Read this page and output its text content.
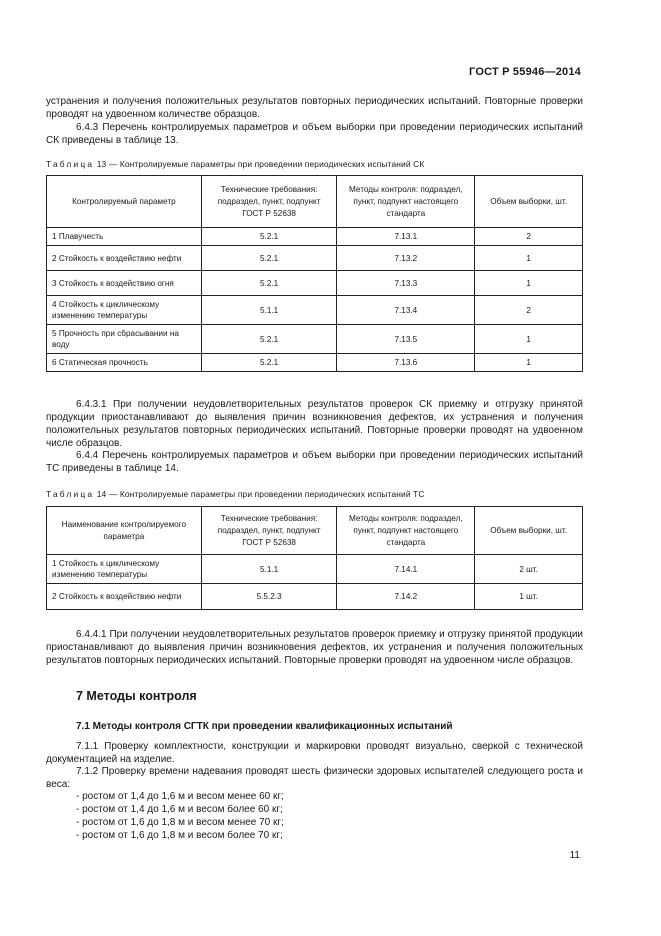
ГОСТ Р 55946—2014
устранения и получения положительных результатов повторных периодических испытаний. Повторные проверки проводят на удвоенном количестве образцов.
6.4.3 Перечень контролируемых параметров и объем выборки при проведении периодических испытаний СК приведены в таблице 13.
Таблица 13 — Контролируемые параметры при проведении периодических испытаний СК
Контролируемый параметр	Технические требования: подраздел, пункт, подпункт ГОСТ Р 52638	Методы контроля: подраздел, пункт, подпункт настоящего стандарта	Объем выборки, шт.
1 Плавучесть	5.2.1	7.13.1	2
2 Стойкость к воздействию нефти	5.2.1	7.13.2	1
3 Стойкость к воздействию огня	5.2.1	7.13.3	1
4 Стойкость к циклическому изменению температуры	5.1.1	7.13.4	2
5 Прочность при сбрасывании на воду	5.2.1	7.13.5	1
6 Статическая прочность	5.2.1	7.13.6	1
6.4.3.1 При получении неудовлетворительных результатов проверок СК приемку и отгрузку принятой продукции приостанавливают до выявления причин возникновения дефектов, их устранения и получения положительных результатов повторных периодических испытаний. Повторные проверки проводят на удвоенном числе образцов.
6.4.4 Перечень контролируемых параметров и объем выборки при проведении периодических испытаний ТС приведены в таблице 14.
Таблица 14 — Контролируемые параметры при проведении периодических испытаний ТС
Наименование контролируемого параметра	Технические требования: подраздел, пункт, подпункт ГОСТ Р 52638	Методы контроля: подраздел, пункт, подпункт настоящего стандарта	Объем выборки, шт.
1 Стойкость к циклическому изменению температуры	5.1.1	7.14.1	2 шт.
2 Стойкость к воздействию нефти	5.5.2.3	7.14.2	1 шт.
6.4.4.1 При получении неудовлетворительных результатов проверок приемку и отгрузку принятой продукции приостанавливают до выявления причин возникновения дефектов, их устранения и получения положительных результатов повторных периодических испытаний. Повторные проверки проводят на удвоенном числе образцов.
7 Методы контроля
7.1 Методы контроля СГТК при проведении квалификационных испытаний
7.1.1 Проверку комплектности, конструкции и маркировки проводят визуально, сверкой с технической документацией на изделие.
7.1.2 Проверку времени надевания проводят шесть физически здоровых испытателей следующего роста и веса:
- ростом от 1,4 до 1,6 м и весом менее 60 кг;
- ростом от 1,4 до 1,6 м и весом более 60 кг;
- ростом от 1,6 до 1,8 м и весом менее 70 кг;
- ростом от 1,6 до 1,8 м и весом более 70 кг;
11
